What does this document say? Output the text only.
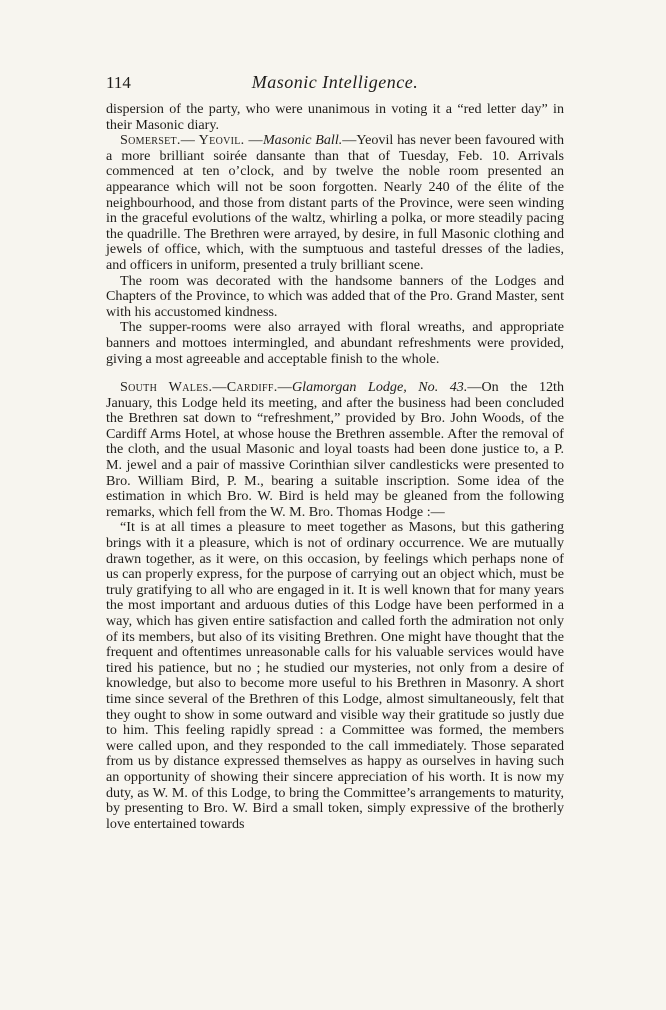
114	Masonic Intelligence.

dispersion of the party, who were unanimous in voting it a “red letter day” in their Masonic diary.

Somerset.— Yeovil. —Masonic Ball.—Yeovil has never been favoured with a more brilliant soirée dansante than that of Tuesday, Feb. 10. Arrivals commenced at ten o’clock, and by twelve the noble room presented an appearance which will not be soon forgotten. Nearly 240 of the élite of the neighbourhood, and those from distant parts of the Province, were seen winding in the graceful evolutions of the waltz, whirling a polka, or more steadily pacing the quadrille. The Brethren were arrayed, by desire, in full Masonic clothing and jewels of office, which, with the sumptuous and tasteful dresses of the ladies, and officers in uniform, presented a truly brilliant scene.

The room was decorated with the handsome banners of the Lodges and Chapters of the Province, to which was added that of the Pro. Grand Master, sent with his accustomed kindness.

The supper-rooms were also arrayed with floral wreaths, and appropriate banners and mottoes intermingled, and abundant refreshments were provided, giving a most agreeable and acceptable finish to the whole.

South Wales.—Cardiff.—Glamorgan Lodge, No. 43.—On the 12th January, this Lodge held its meeting, and after the business had been concluded the Brethren sat down to “refreshment,” provided by Bro. John Woods, of the Cardiff Arms Hotel, at whose house the Brethren assemble. After the removal of the cloth, and the usual Masonic and loyal toasts had been done justice to, a P. M. jewel and a pair of massive Corinthian silver candlesticks were presented to Bro. William Bird, P. M., bearing a suitable inscription. Some idea of the estimation in which Bro. W. Bird is held may be gleaned from the following remarks, which fell from the W. M. Bro. Thomas Hodge :—

“It is at all times a pleasure to meet together as Masons, but this gathering brings with it a pleasure, which is not of ordinary occurrence. We are mutually drawn together, as it were, on this occasion, by feelings which perhaps none of us can properly express, for the purpose of carrying out an object which, must be truly gratifying to all who are engaged in it. It is well known that for many years the most important and arduous duties of this Lodge have been performed in a way, which has given entire satisfaction and called forth the admiration not only of its members, but also of its visiting Brethren. One might have thought that the frequent and oftentimes unreasonable calls for his valuable services would have tired his patience, but no ; he studied our mysteries, not only from a desire of knowledge, but also to become more useful to his Brethren in Masonry. A short time since several of the Brethren of this Lodge, almost simultaneously, felt that they ought to show in some outward and visible way their gratitude so justly due to him. This feeling rapidly spread : a Committee was formed, the members were called upon, and they responded to the call immediately. Those separated from us by distance expressed themselves as happy as ourselves in having such an opportunity of showing their sincere appreciation of his worth. It is now my duty, as W. M. of this Lodge, to bring the Committee’s arrangements to maturity, by presenting to Bro. W. Bird a small token, simply expressive of the brotherly love entertained towards
